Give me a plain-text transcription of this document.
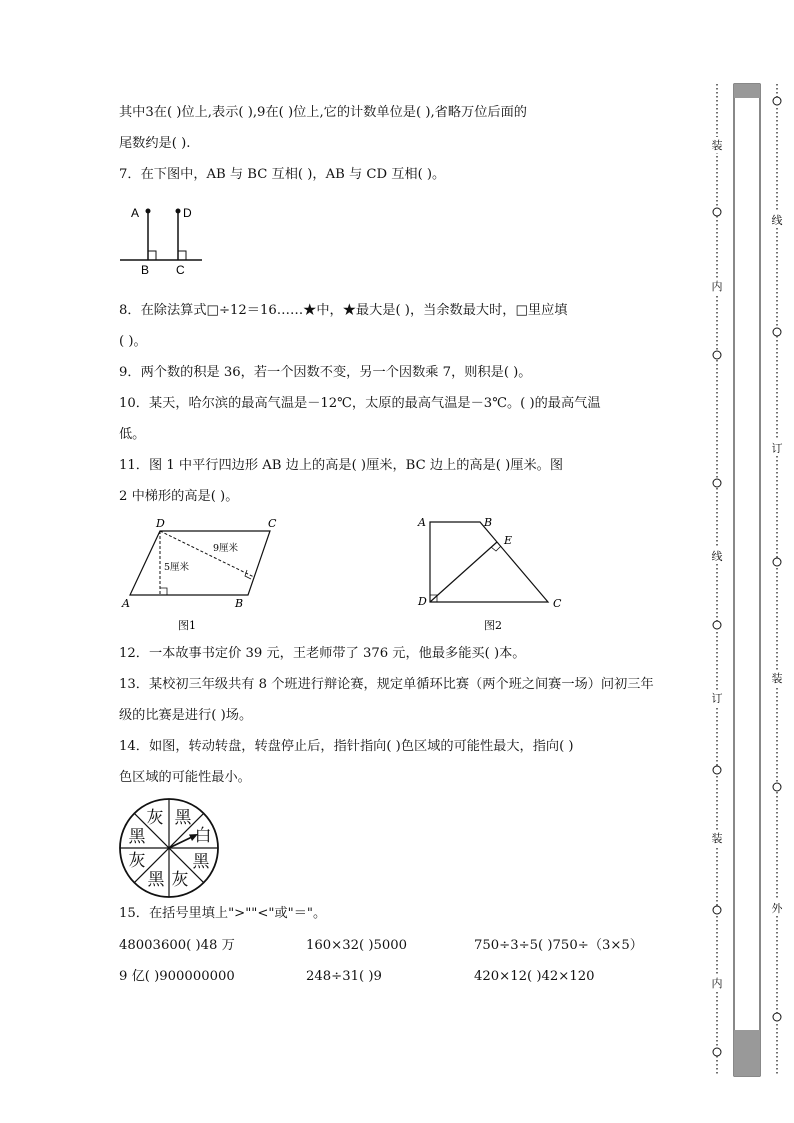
其中3在( )位上,表示( ),9在( )位上,它的计数单位是( ),省略万位后面的
尾数约是( ).
7．在下图中，AB 与 BC 互相( )，AB 与 CD 互相( )。
A	D
B C
8．在除法算式□÷12＝16……★中，★最大是( )，当余数最大时，□里应填
( )。
9．两个数的积是 36，若一个因数不变，另一个因数乘 7，则积是( )。
10．某天，哈尔滨的最高气温是－12℃，太原的最高气温是－3℃。( )的最高气温
低。
11．图 1 中平行四边形 AB 边上的高是( )厘米，BC 边上的高是( )厘米。图
2 中梯形的高是( )。
D	C
A	B
9厘米
5厘米
图1
A	B
E
D	C
图2
12．一本故事书定价 39 元，王老师带了 376 元，他最多能买( )本。
13．某校初三年级共有 8 个班进行辩论赛，规定单循环比赛（两个班之间赛一场）问初三年
级的比赛是进行( )场。
14．如图，转动转盘，转盘停止后，指针指向( )色区域的可能性最大，指向( )
色区域的可能性最小。
灰 黑
白
黑
灰
黑
灰
黑
15．在括号里填上">""<"或"＝"。
48003600( )48 万	160×32( )5000	750÷3÷5( )750÷（3×5）
9 亿( )900000000	248÷31( )9	420×12( )42×120
装
内
线
订
装
内
线
订
装
外
